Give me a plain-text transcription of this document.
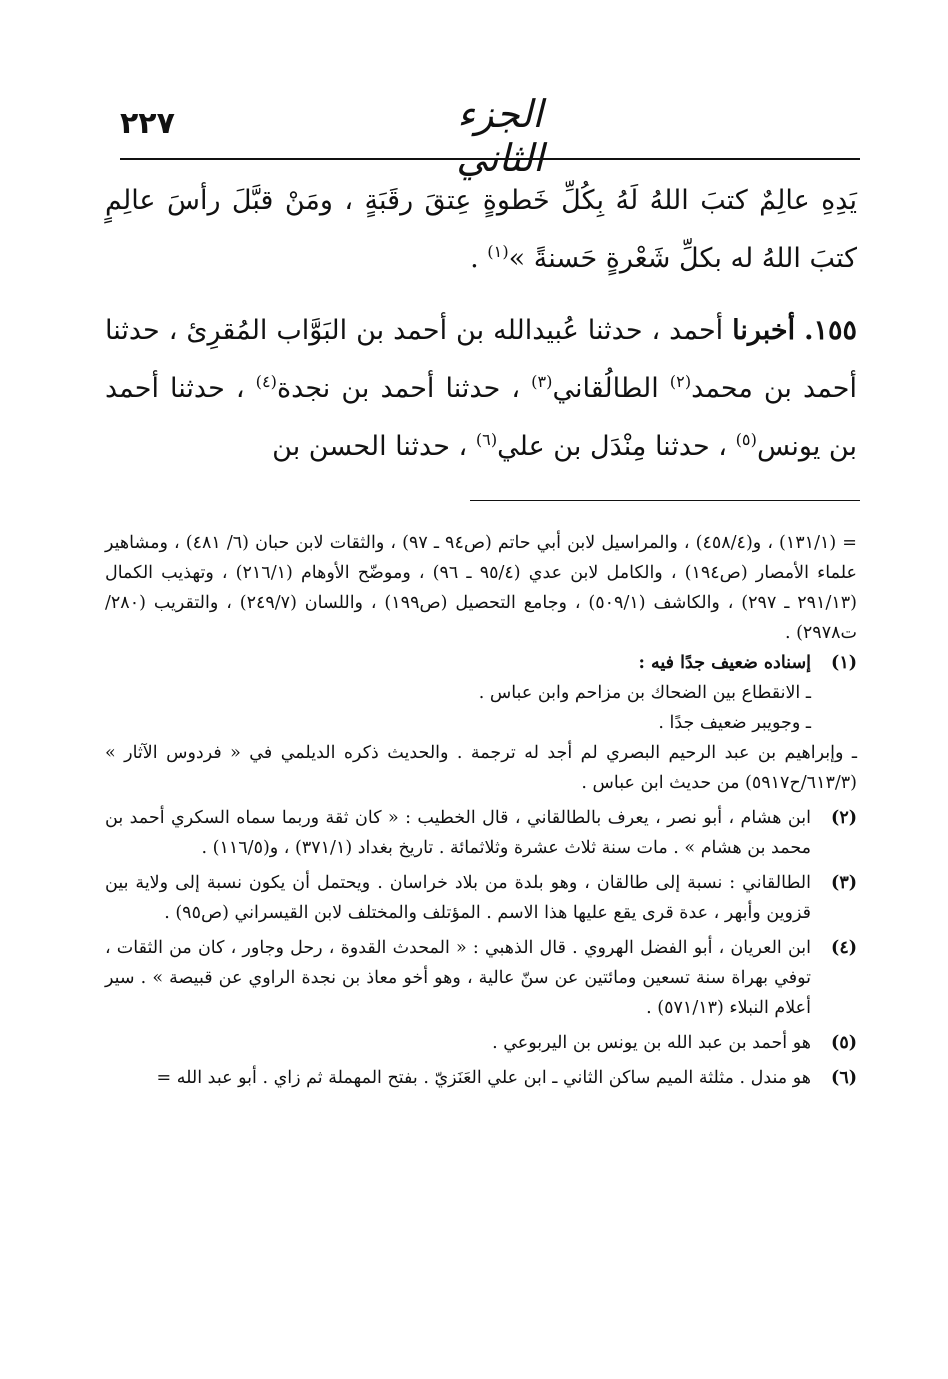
٢٢٧	الجزء الثاني

يَدِهِ عالِمٌ كتبَ اللهُ لَهُ بِكُلِّ خَطوةٍ عِتقَ رقَبَةٍ ، ومَنْ قبَّلَ رأسَ عالِمٍ كتبَ اللهُ له بكلِّ شَعْرةٍ حَسنةً »$^{(١)}$ .

١٥٥. أخبرنا أحمد ، حدثنا عُبيدالله بن أحمد بن البَوَّاب المُقرِئ ، حدثنا أحمد بن محمد$^{(٢)}$ الطالُقاني$^{(٣)}$ ، حدثنا أحمد بن نجدة$^{(٤)}$ ، حدثنا أحمد بن يونس$^{(٥)}$ ، حدثنا مِنْدَل بن علي$^{(٦)}$ ، حدثنا الحسن بن

= (١٣١/١) ، و(٤٥٨/٤) ، والمراسيل لابن أبي حاتم (ص٩٤ ـ ٩٧) ، والثقات لابن حبان (٦/ ٤٨١) ، ومشاهير علماء الأمصار (ص١٩٤) ، والكامل لابن عدي (٩٥/٤ ـ ٩٦) ، وموضّح الأوهام (٢١٦/١) ، وتهذيب الكمال (٢٩١/١٣ ـ ٢٩٧) ، والكاشف (٥٠٩/١) ، وجامع التحصيل (ص١٩٩) ، واللسان (٢٤٩/٧) ، والتقريب (٢٨٠/ت٢٩٧٨) .

(١)

إسناده ضعيف جدًا فيه :

ـ الانقطاع بين الضحاك بن مزاحم وابن عباس .

ـ وجويبر ضعيف جدًا .

ـ وإبراهيم بن عبد الرحيم البصري لم أجد له ترجمة . والحديث ذكره الديلمي في « فردوس الآثار » (٦١٣/٣/ح٥٩١٧) من حديث ابن عباس .

(٢)

ابن هشام ، أبو نصر ، يعرف بالطالقاني ، قال الخطيب : « كان ثقة وربما سماه السكري أحمد بن محمد بن هشام » . مات سنة ثلاث عشرة وثلاثمائة . تاريخ بغداد (٣٧١/١) ، و(١١٦/٥) .

(٣)

الطالقاني : نسبة إلى طالقان ، وهو بلدة من بلاد خراسان . ويحتمل أن يكون نسبة إلى ولاية بين قزوين وأبهر ، عدة قرى يقع عليها هذا الاسم . المؤتلف والمختلف لابن القيسراني (ص٩٥) .

(٤)

ابن العريان ، أبو الفضل الهروي . قال الذهبي : « المحدث القدوة ، رحل وجاور ، كان من الثقات ، توفي بهراة سنة تسعين ومائتين عن سنّ عالية ، وهو أخو معاذ بن نجدة الراوي عن قبيصة » . سير أعلام النبلاء (٥٧١/١٣) .

(٥)

هو أحمد بن عبد الله بن يونس بن اليربوعي .

(٦)

هو مندل . مثلثة الميم ساكن الثاني ـ ابن علي العَنَزيّ . بفتح المهملة ثم زاي . أبو عبد الله =
